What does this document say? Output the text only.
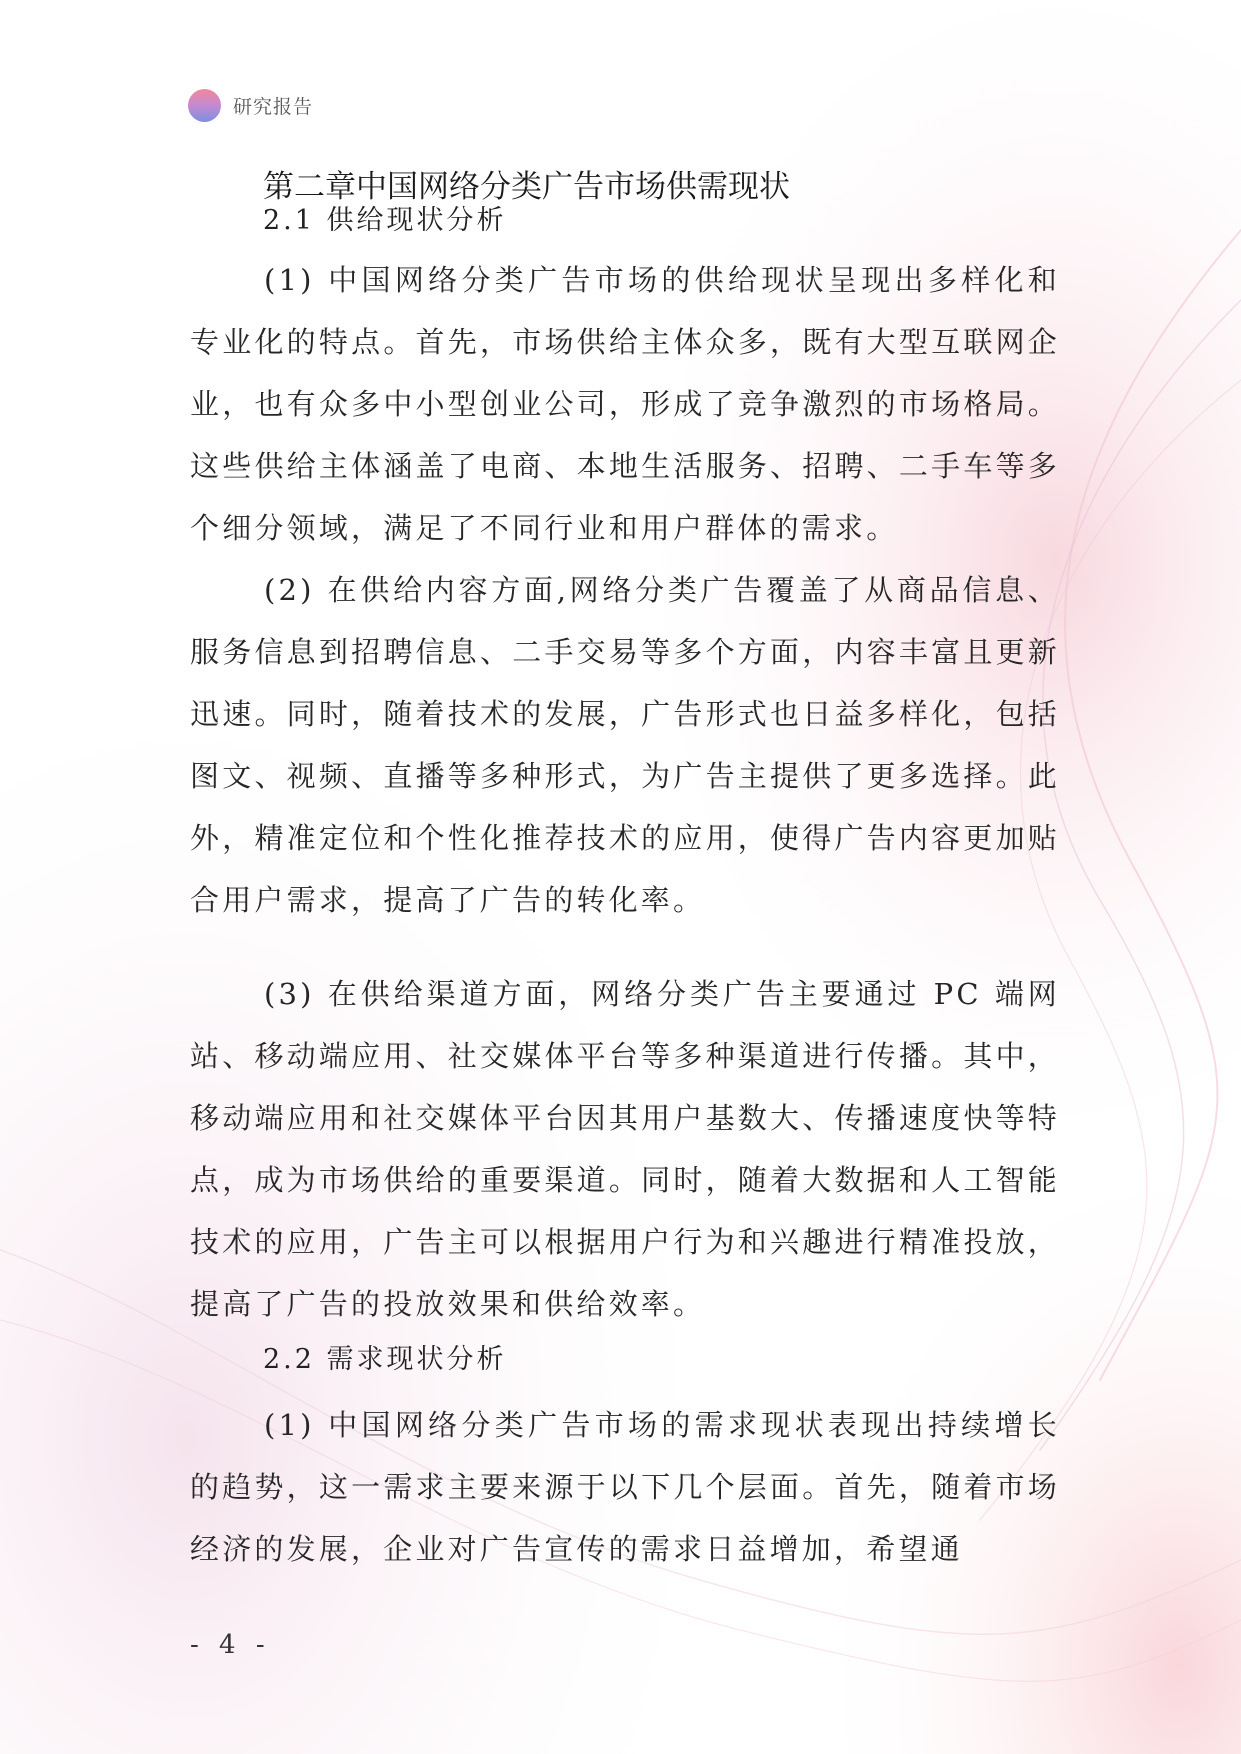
研究报告
第二章中国网络分类广告市场供需现状
2.1 供给现状分析

(1) 中国网络分类广告市场的供给现状呈现出多样化和专业化的特点。首先，市场供给主体众多，既有大型互联网企业，也有众多中小型创业公司，形成了竞争激烈的市场格局。这些供给主体涵盖了电商、本地生活服务、招聘、二手车等多个细分领域，满足了不同行业和用户群体的需求。

(2) 在供给内容方面,网络分类广告覆盖了从商品信息、服务信息到招聘信息、二手交易等多个方面，内容丰富且更新迅速。同时，随着技术的发展，广告形式也日益多样化，包括图文、视频、直播等多种形式，为广告主提供了更多选择。此外，精准定位和个性化推荐技术的应用，使得广告内容更加贴合用户需求，提高了广告的转化率。

(3) 在供给渠道方面，网络分类广告主要通过 PC 端网站、移动端应用、社交媒体平台等多种渠道进行传播。其中，移动端应用和社交媒体平台因其用户基数大、传播速度快等特点，成为市场供给的重要渠道。同时，随着大数据和人工智能技术的应用，广告主可以根据用户行为和兴趣进行精准投放，提高了广告的投放效果和供给效率。

2.2 需求现状分析

(1) 中国网络分类广告市场的需求现状表现出持续增长的趋势，这一需求主要来源于以下几个层面。首先，随着市场经济的发展，企业对广告宣传的需求日益增加，希望通

- 4 -
